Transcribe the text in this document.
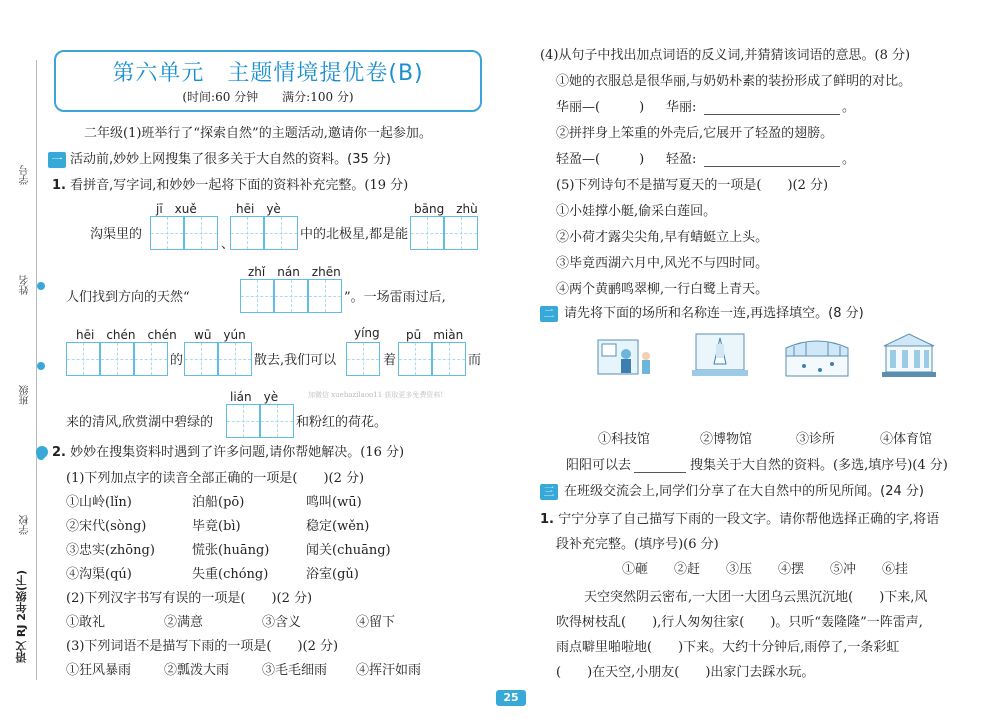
学号
姓名
班级
学校
语文 RJ 2年级(下)
第六单元　主题情境提优卷(B)
(时间:60 分钟　　满分:100 分)
二年级(1)班举行了“探索自然”的主题活动,邀请你一起参加。
一 活动前,妙妙上网搜集了很多关于大自然的资料。(35 分)
1. 看拼音,写字词,和妙妙一起将下面的资料补充完整。(19 分)
jī　xuě	hēi　yè	bāng　zhù
沟渠里的
、
中的北极星,都是能
zhǐ　nán　zhēn
人们找到方向的天然“	”。一场雷雨过后,
hēi　chén　chén wū　yún	yíng pū　miàn
的	散去,我们可以	着	而
lián　yè	加微信 xuebazilaoo11 获取更多免费资料!
来的清风,欣赏湖中碧绿的	和粉红的荷花。
2. 妙妙在搜集资料时遇到了许多问题,请你帮她解决。(16 分)
(1)下列加点字的读音全部正确的一项是(　　)(2 分)
①山岭(lǐn)	泊船(pō)	鸣叫(wū)
②宋代(sòng)	毕竟(bì)	稳定(wěn)
③忠实(zhōng)	慌张(huāng)	闻关(chuāng)
④沟渠(qú)	失重(chóng)	浴室(gǔ)
(2)下列汉字书写有误的一项是(　　)(2 分)
①敢礼	②满意	③含义	④留下
(3)下列词语不是描写下雨的一项是(　　)(2 分)
①狂风暴雨	②瓢泼大雨	③毛毛细雨 ④挥汗如雨
(4)从句子中找出加点词语的反义词,并猜猜该词语的意思。(8 分)
①她的衣服总是很华丽,与奶奶朴素的装扮形成了鲜明的对比。
华丽—(　　　) 华丽:	。
②拼拌身上笨重的外壳后,它展开了轻盈的翅膀。
轻盈—(　　　) 轻盈:	。
(5)下列诗句不是描写夏天的一项是(　　)(2 分)
①小娃撑小艇,偷采白莲回。
②小荷才露尖尖角,早有蜻蜓立上头。
③毕竟西湖六月中,风光不与四时同。
④两个黄鹂鸣翠柳,一行白鹭上青天。
二 请先将下面的场所和名称连一连,再选择填空。(8 分)
①科技馆	②博物馆	③诊所	④体育馆
阳阳可以去	搜集关于大自然的资料。(多选,填序号)(4 分)
三 在班级交流会上,同学们分享了在大自然中的所见所闻。(24 分)
1. 宁宁分享了自己描写下雨的一段文字。请你帮他选择正确的字,将语
段补充完整。(填序号)(6 分)
①砸 ②赶 ③压 ④摆 ⑤冲 ⑥挂
天空突然阴云密布,一大团一大团乌云黑沉沉地(　　)下来,风
吹得树枝乱(　　),行人匆匆往家(　　)。只听“轰隆隆”一阵雷声,
雨点噼里啪啦地(　　)下来。大约十分钟后,雨停了,一条彩虹
(　　)在天空,小朋友(　　)出家门去踩水玩。
25
